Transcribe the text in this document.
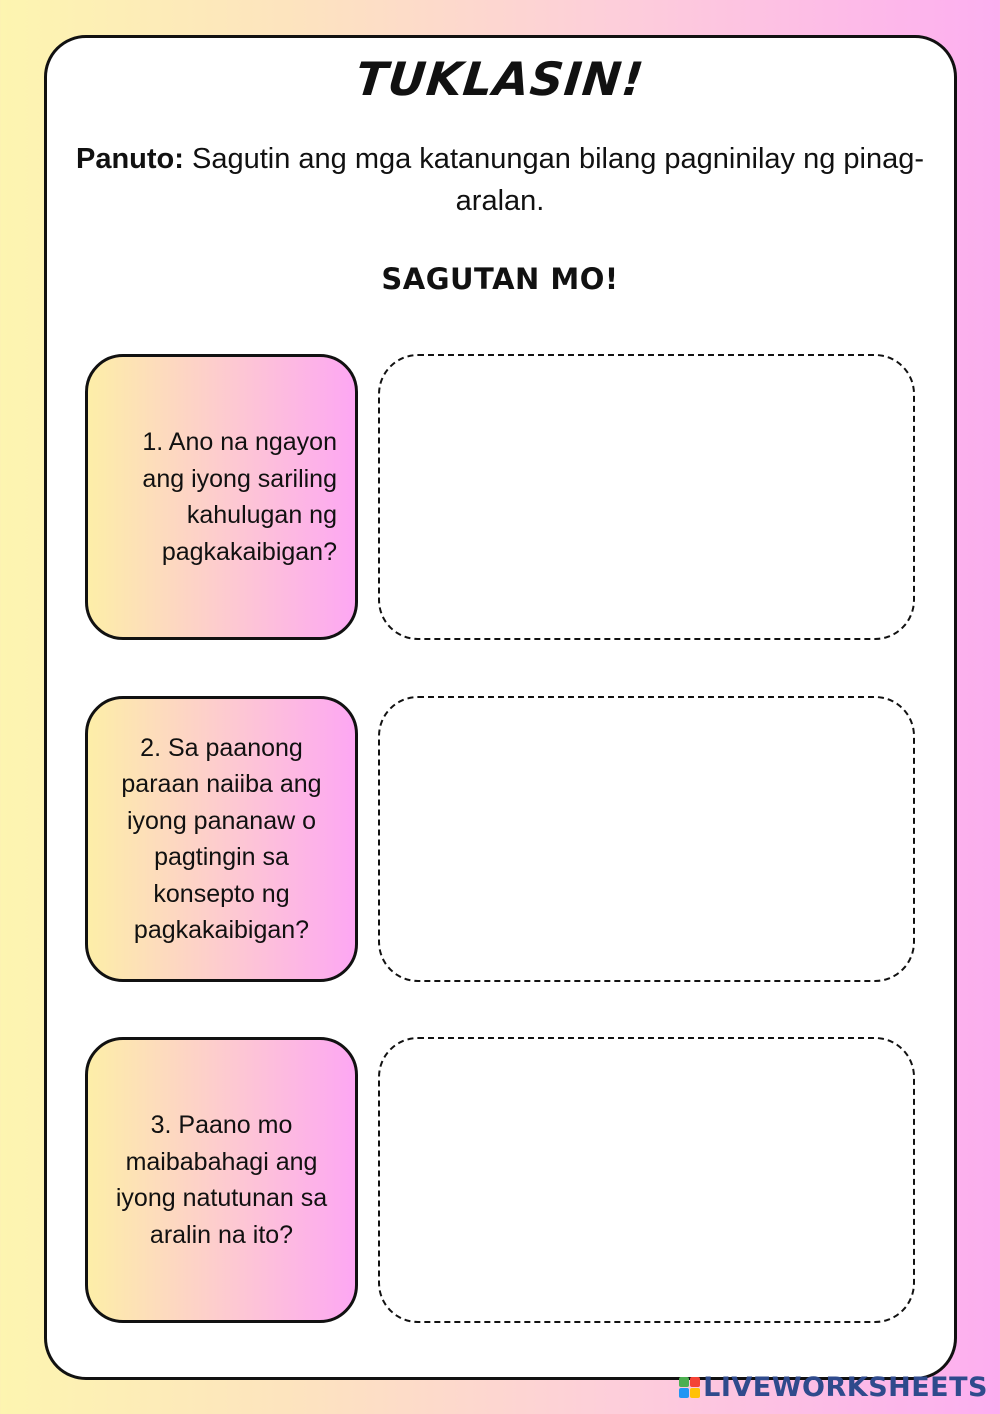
TUKLASIN!
Panuto: Sagutin ang mga katanungan bilang pagninilay ng pinag-aralan.
SAGUTAN MO!
1. Ano na ngayon ang iyong sariling kahulugan ng pagkakaibigan?
2. Sa paanong paraan naiiba ang iyong pananaw o pagtingin sa konsepto ng pagkakaibigan?
3. Paano mo maibabahagi ang iyong natutunan sa aralin na ito?
LIVEWORKSHEETS
